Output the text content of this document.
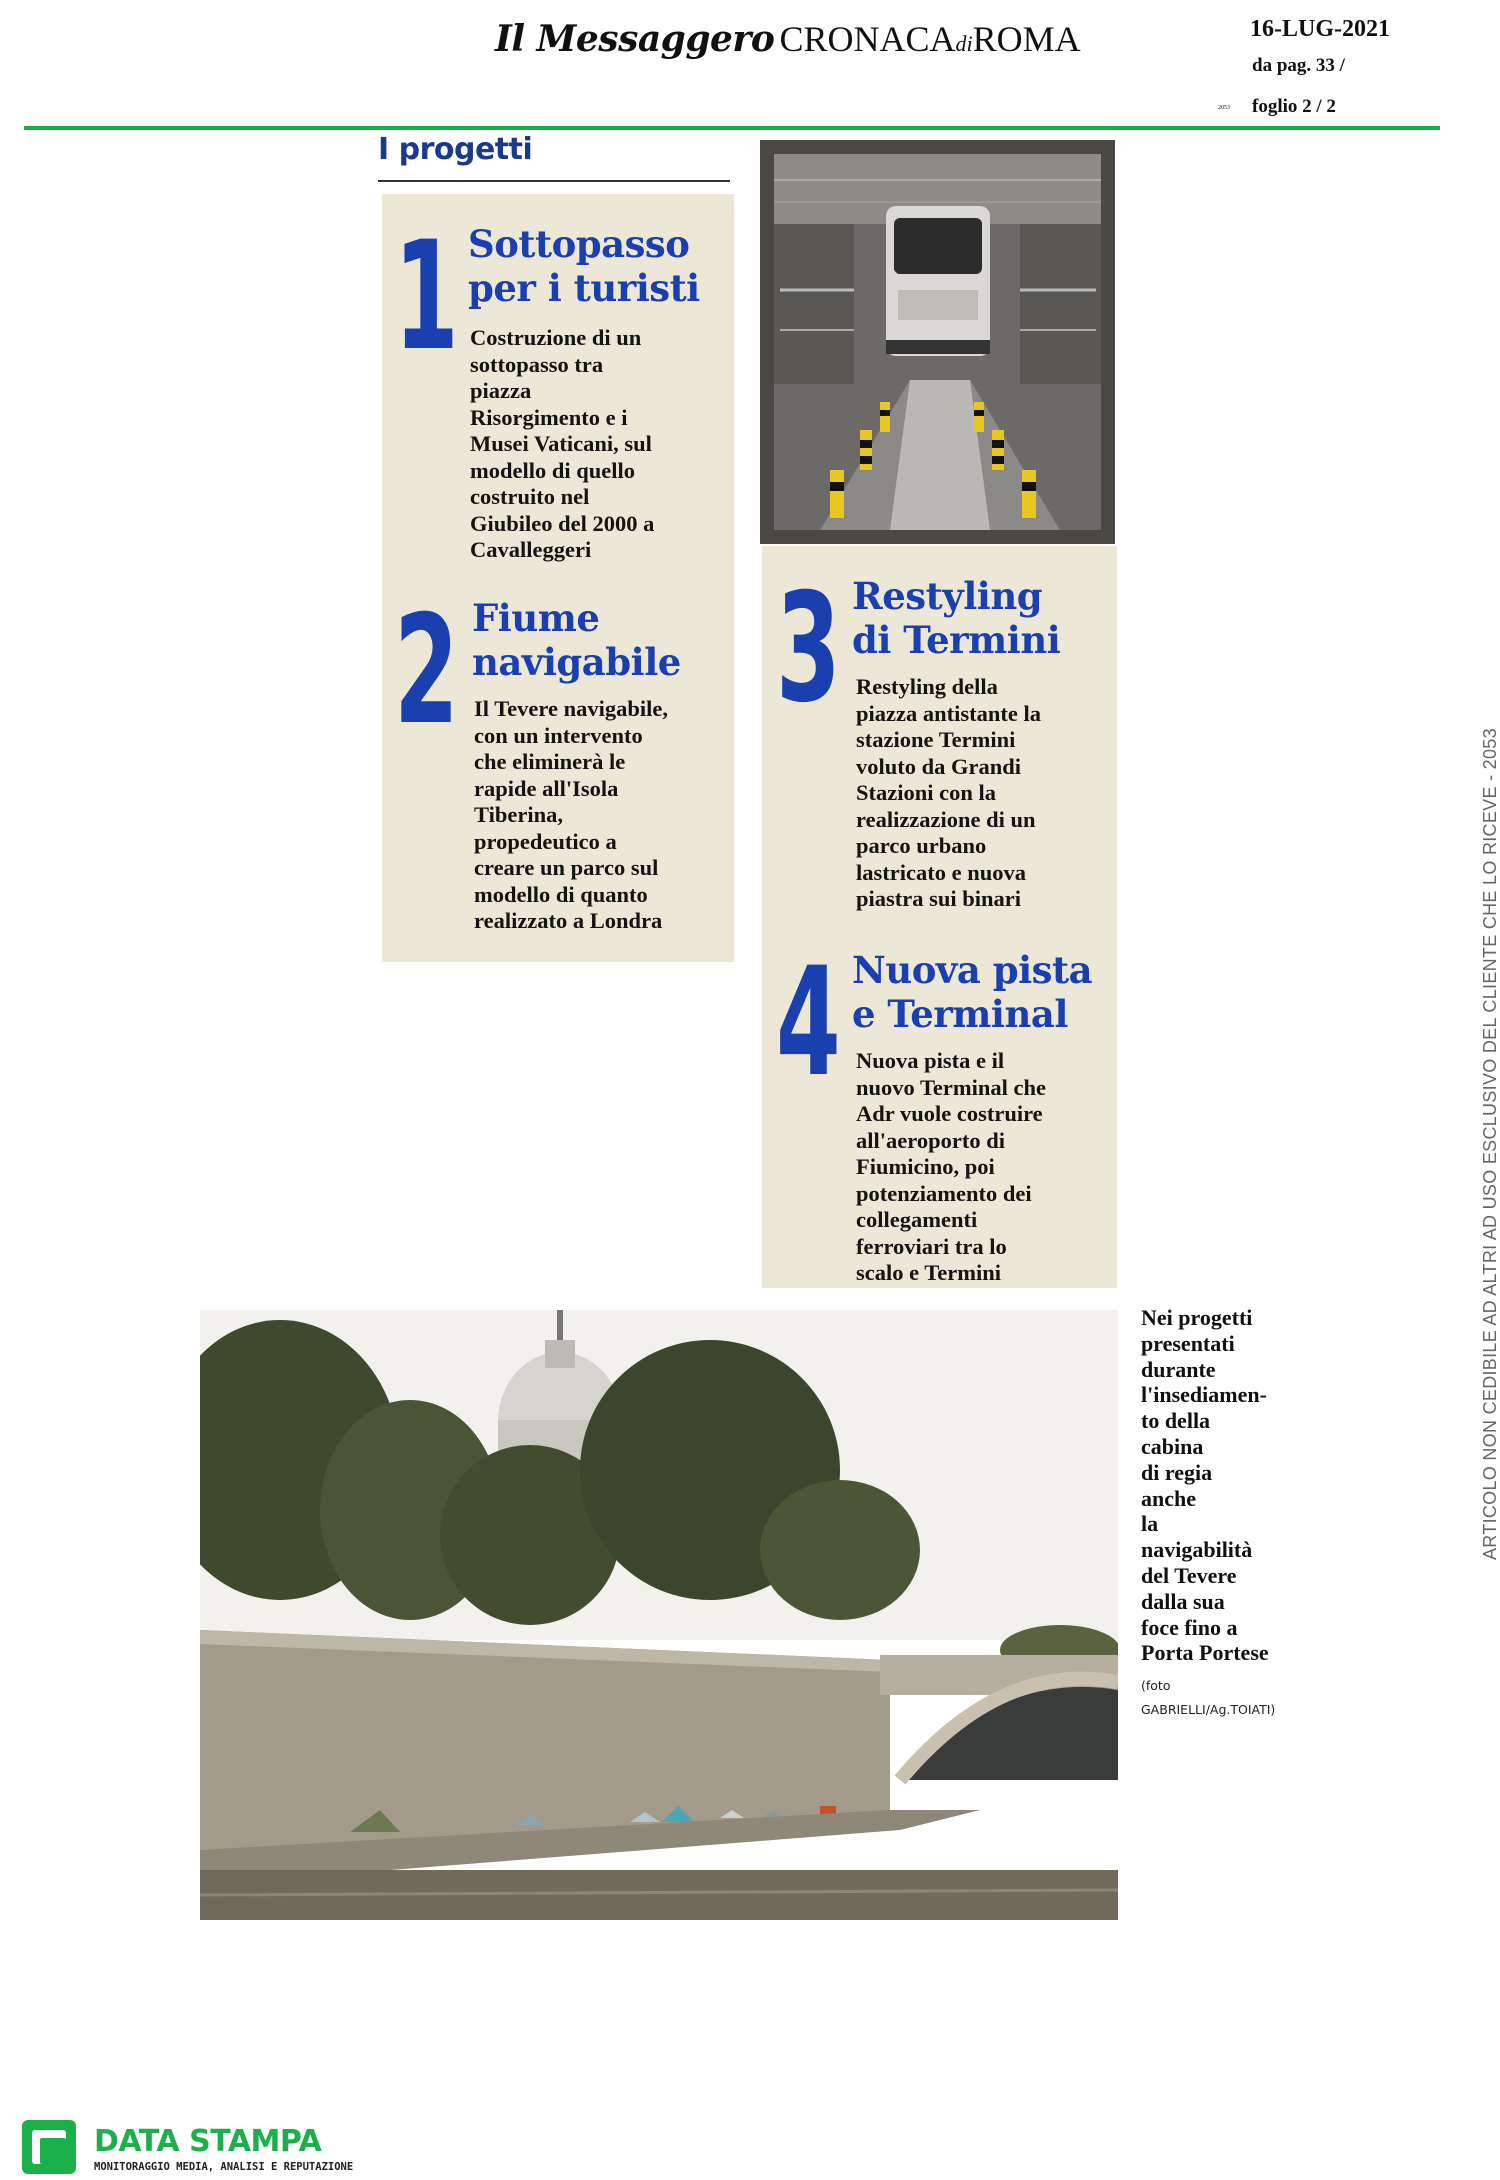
Il Messaggero CRONACAdiROMA	16-LUG-2021
da pag. 33 /
2053 foglio 2 / 2
I progetti
1 Sottopasso
per i turisti
Costruzione di un
sottopasso tra
piazza
Risorgimento e i
Musei Vaticani, sul
modello di quello
costruito nel
Giubileo del 2000 a
Cavalleggeri
2 Fiume
navigabile
Il Tevere navigabile,
con un intervento
che eliminerà le
rapide all'Isola
Tiberina,
propedeutico a
creare un parco sul
modello di quanto
realizzato a Londra
3 Restyling
di Termini
Restyling della
piazza antistante la
stazione Termini
voluto da Grandi
Stazioni con la
realizzazione di un
parco urbano
lastricato e nuova
piastra sui binari
4 Nuova pista
e Terminal
Nuova pista e il
nuovo Terminal che
Adr vuole costruire
all'aeroporto di
Fiumicino, poi
potenziamento dei
collegamenti
ferroviari tra lo
scalo e Termini
Nei progetti
presentati
durante
l'insediamen-
to della
cabina
di regia
anche
la
navigabilità
del Tevere
dalla sua
foce fino a
Porta Portese
(foto
GABRIELLI/Ag.TOIATI)
ARTICOLO NON CEDIBILE AD ALTRI AD USO ESCLUSIVO DEL CLIENTE CHE LO RICEVE - 2053
DATA STAMPA
MONITORAGGIO MEDIA, ANALISI E REPUTAZIONE
